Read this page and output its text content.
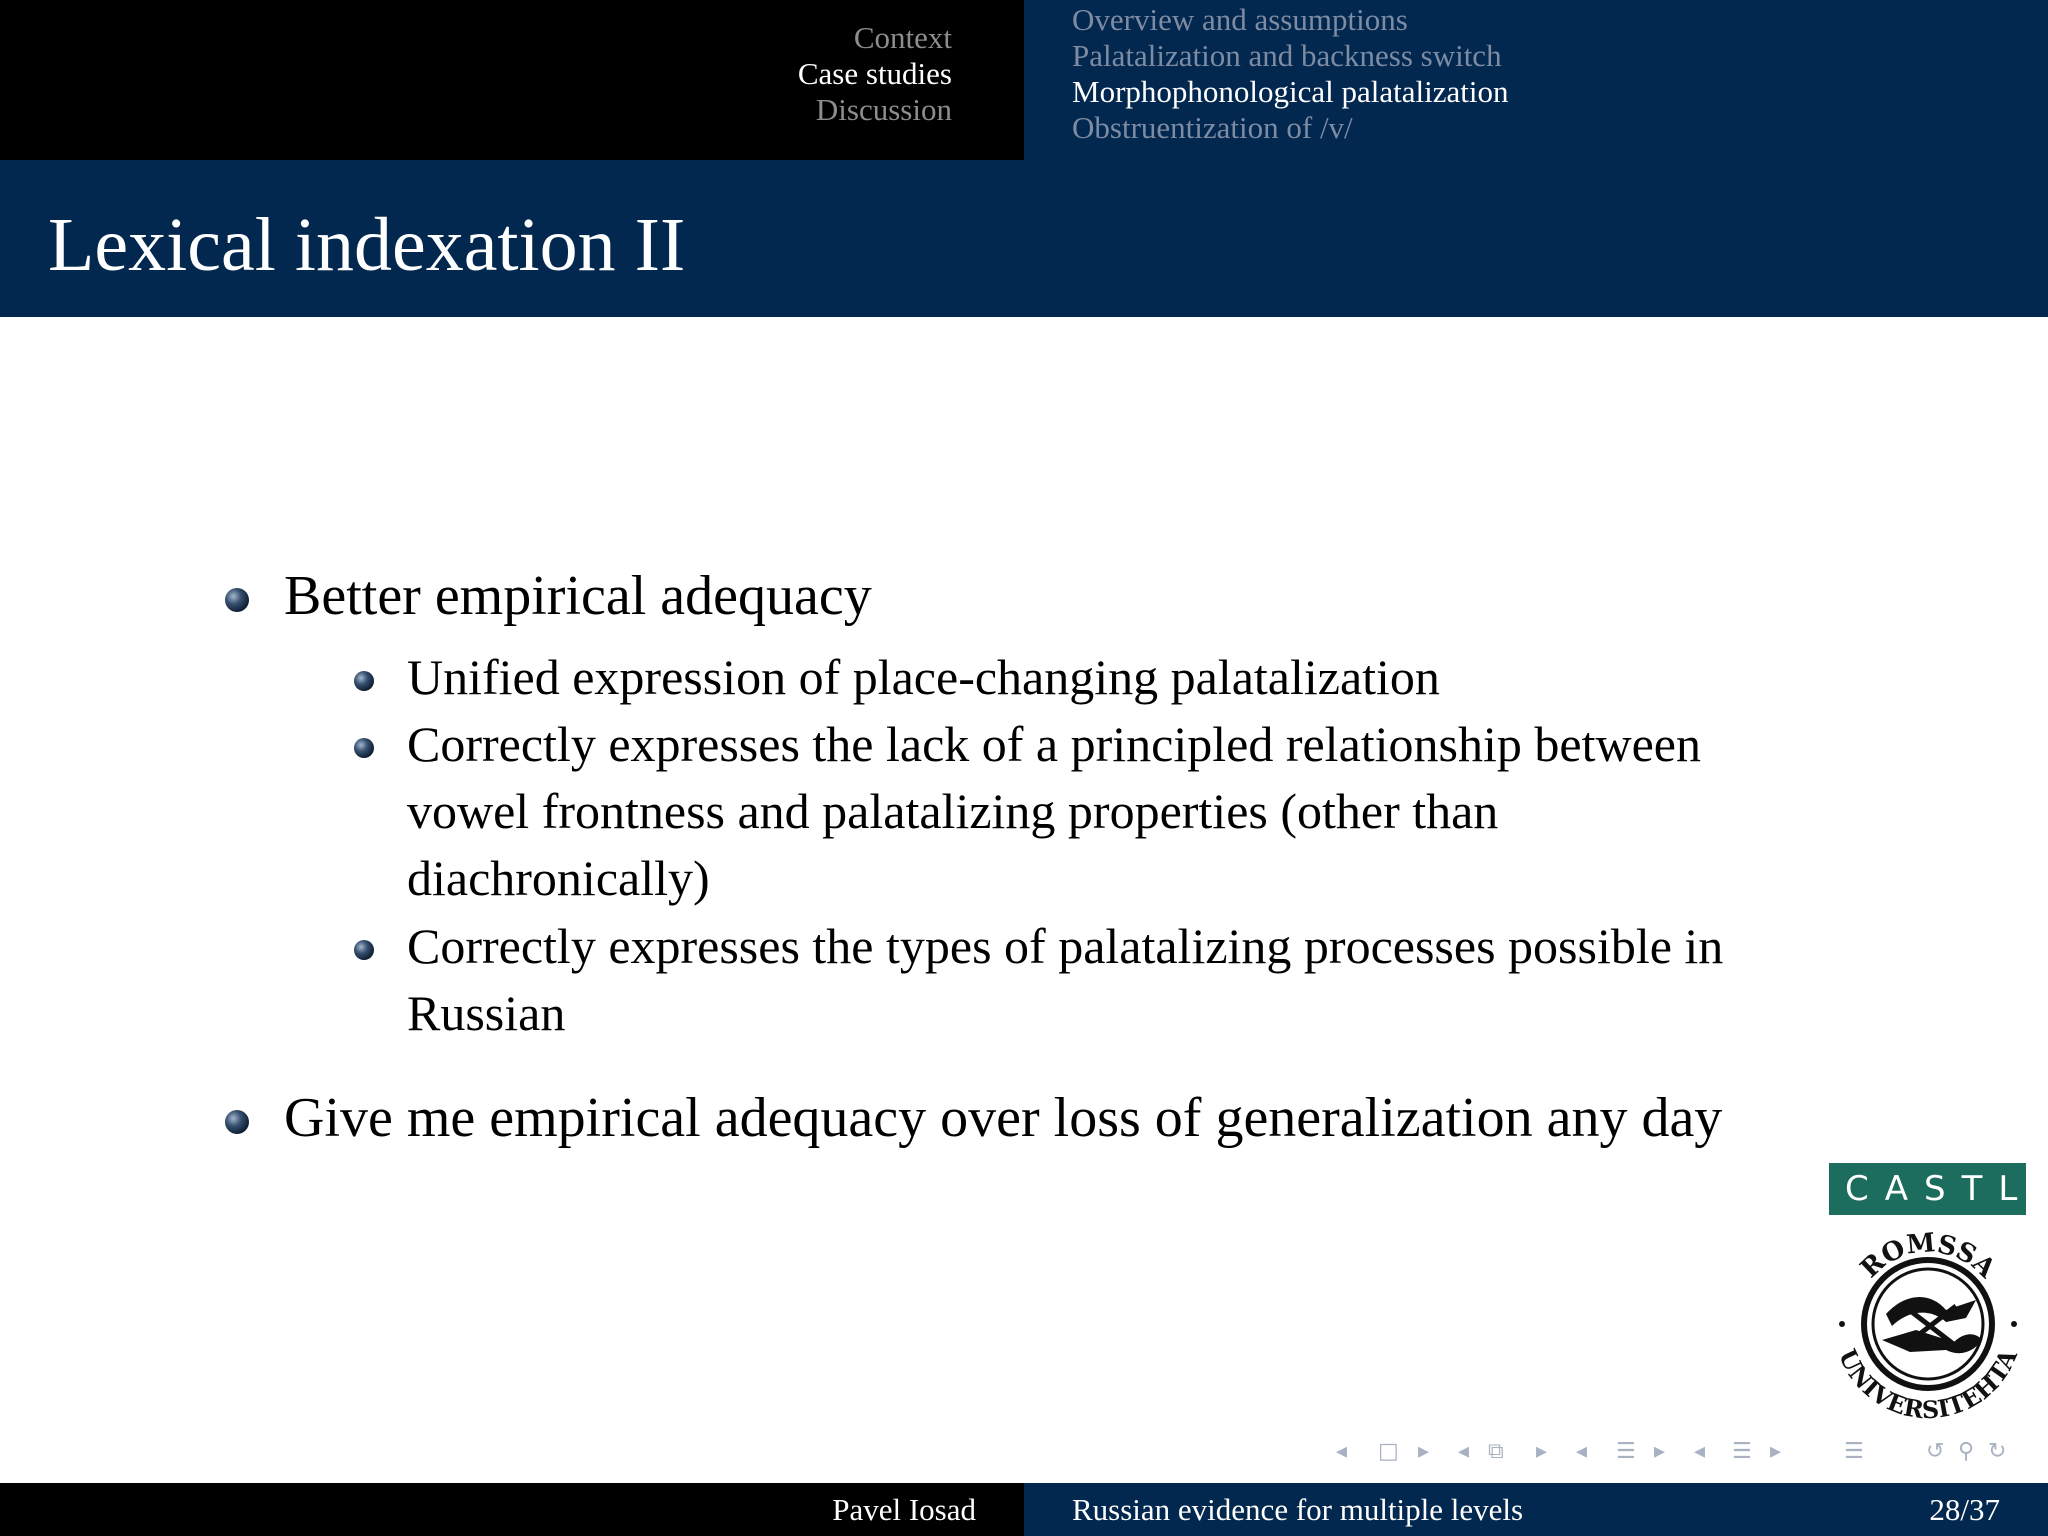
Context
Case studies
Discussion
Overview and assumptions
Palatalization and backness switch
Morphophonological palatalization
Obstruentization of /v/
Lexical indexation II
Better empirical adequacy
Unified expression of place-changing palatalization
Correctly expresses the lack of a principled relationship between
vowel frontness and palatalizing properties (other than
diachronically)
Correctly expresses the types of palatalizing processes possible in
Russian
Give me empirical adequacy over loss of generalization any day
CASTL
ROMSSA
UNIVERSITEHTA
◂ □ ▸ ◂ ⧉ ▸ ◂ ☰ ▸ ◂ ☰ ▸	☰	↺ ⚲ ↻
Pavel Iosad	Russian evidence for multiple levels	28/37
